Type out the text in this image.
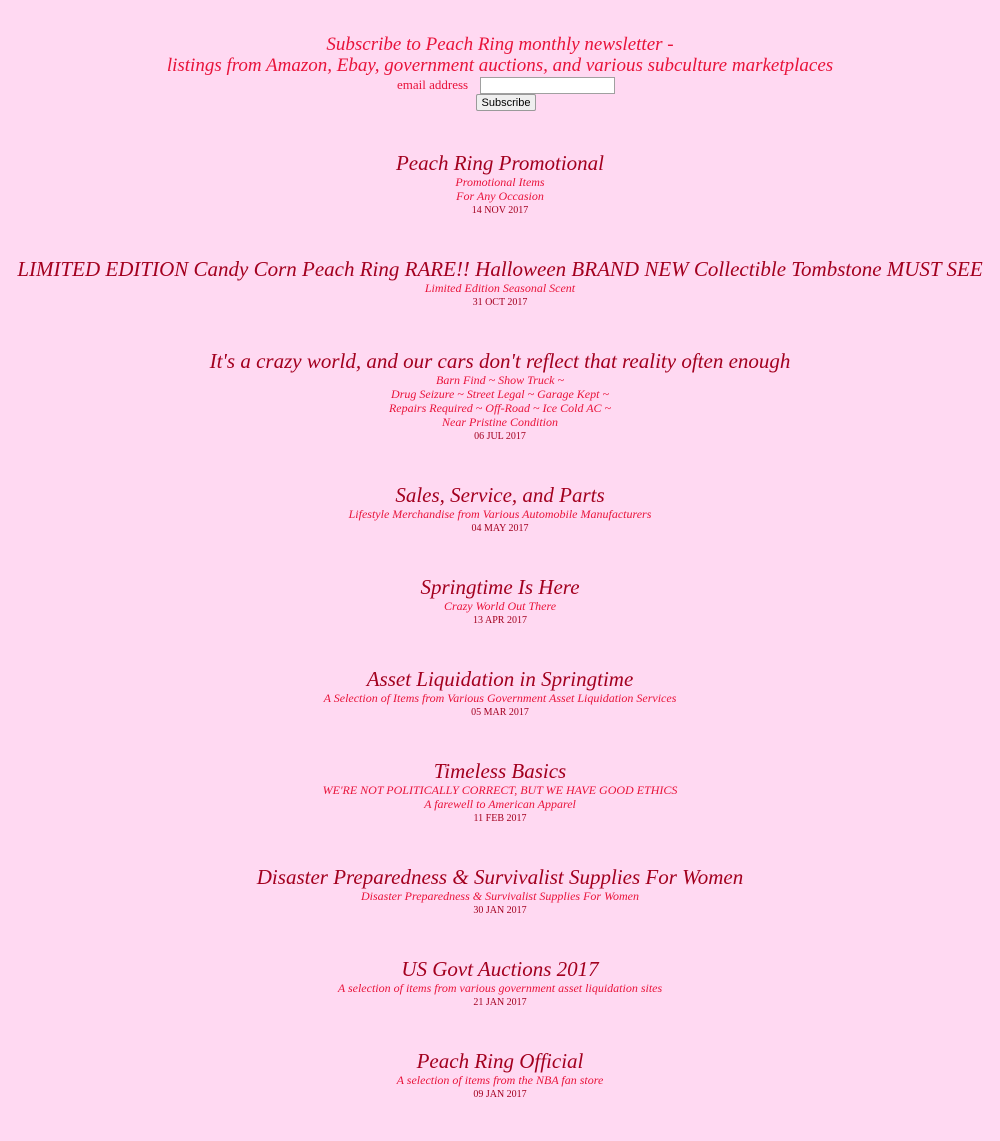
Subscribe to Peach Ring monthly newsletter -
listings from Amazon, Ebay, government auctions, and various subculture marketplaces
email address
Subscribe
Peach Ring Promotional
Promotional Items
For Any Occasion
14 NOV 2017
LIMITED EDITION Candy Corn Peach Ring RARE!! Halloween BRAND NEW Collectible Tombstone MUST SEE
Limited Edition Seasonal Scent
31 OCT 2017
It's a crazy world, and our cars don't reflect that reality often enough
Barn Find ~ Show Truck ~
Drug Seizure ~ Street Legal ~ Garage Kept ~
Repairs Required ~ Off-Road ~ Ice Cold AC ~
Near Pristine Condition
06 JUL 2017
Sales, Service, and Parts
Lifestyle Merchandise from Various Automobile Manufacturers
04 MAY 2017
Springtime Is Here
Crazy World Out There
13 APR 2017
Asset Liquidation in Springtime
A Selection of Items from Various Government Asset Liquidation Services
05 MAR 2017
Timeless Basics
WE'RE NOT POLITICALLY CORRECT, BUT WE HAVE GOOD ETHICS
A farewell to American Apparel
11 FEB 2017
Disaster Preparedness & Survivalist Supplies For Women
Disaster Preparedness & Survivalist Supplies For Women
30 JAN 2017
US Govt Auctions 2017
A selection of items from various government asset liquidation sites
21 JAN 2017
Peach Ring Official
A selection of items from the NBA fan store
09 JAN 2017
